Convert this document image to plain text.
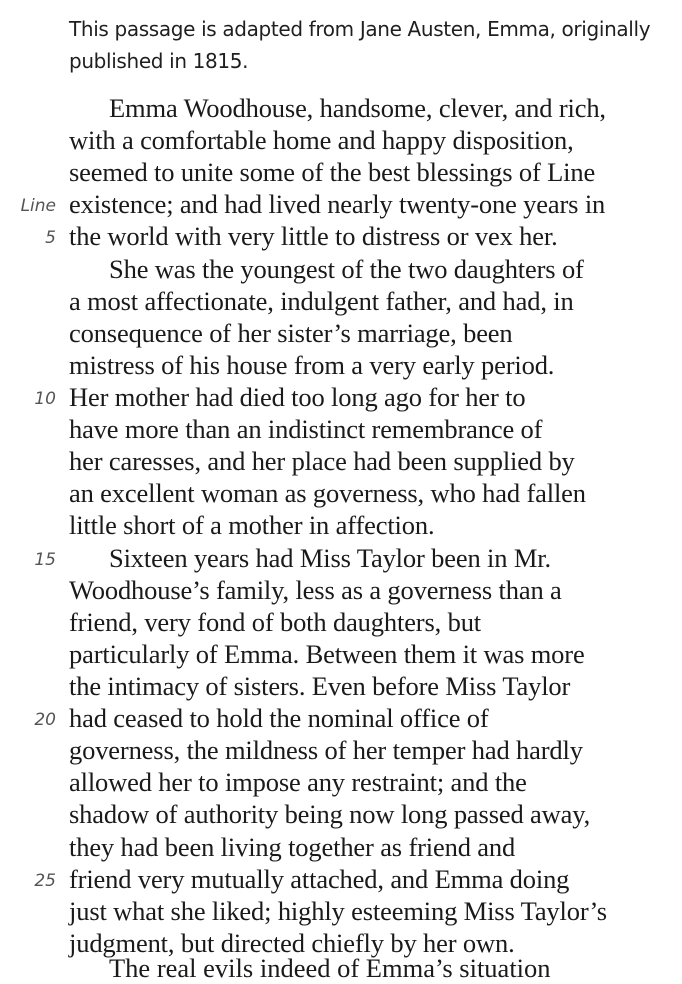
This passage is adapted from Jane Austen, Emma, originally published in 1815.

Emma Woodhouse, handsome, clever, and rich,
with a comfortable home and happy disposition,
seemed to unite some of the best blessings of Line
Line existence; and had lived nearly twenty-one years in
5 the world with very little to distress or vex her.
She was the youngest of the two daughters of
a most affectionate, indulgent father, and had, in
consequence of her sister’s marriage, been
mistress of his house from a very early period.
10 Her mother had died too long ago for her to
have more than an indistinct remembrance of
her caresses, and her place had been supplied by
an excellent woman as governess, who had fallen
little short of a mother in affection.
15 Sixteen years had Miss Taylor been in Mr.
Woodhouse’s family, less as a governess than a
friend, very fond of both daughters, but
particularly of Emma. Between them it was more
the intimacy of sisters. Even before Miss Taylor
20 had ceased to hold the nominal office of
governess, the mildness of her temper had hardly
allowed her to impose any restraint; and the
shadow of authority being now long passed away,
they had been living together as friend and
25 friend very mutually attached, and Emma doing
just what she liked; highly esteeming Miss Taylor’s
judgment, but directed chiefly by her own.
The real evils indeed of Emma’s situation
